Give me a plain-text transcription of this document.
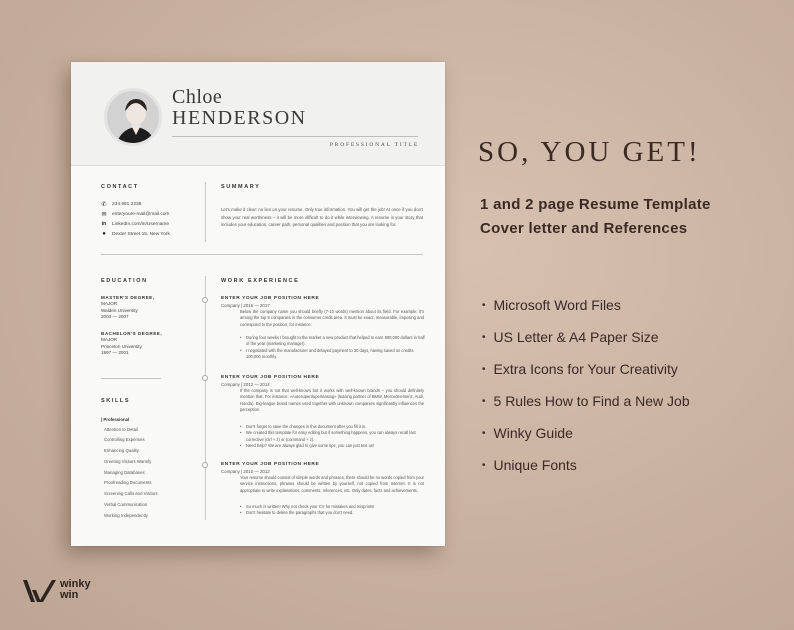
Chloe
HENDERSON
PROFESSIONAL TITLE
CONTACT
✆ 234.981.2238
✉ enteryoure-mail@mail.com
in LinkedIn.com/in/Username
● Dexter Street 15, New York
SUMMARY
Let's make it clear: no lies on your resume. Only true information. You will get the job! At once if you don't show your real worthiness – it will be more difficult to do it while interviewing. A resume is your story that includes your education, career path, personal qualities and position that you are looking for.
EDUCATION
MASTER'S DEGREE,
MAJOR
Walden University
2003 — 2007
BACHELOR'S DEGREE,
MAJOR
Princeton University
1997 — 2001
SKILLS
| Professional
Attention to Detail
Controlling Expenses
Enhancing Quality
Greeting Visitors Warmly
Managing Databases
Proofreading Documents
Screening Calls and Visitors
Verbal Communication
Working Independently
WORK EXPERIENCE
ENTER YOUR JOB POSITION HERE
Company | 2016 — 2017
Below the company name you should briefly (7-10 words) mention about its field. For example: it's among the top 5 companies in the consumer credit area. It must be exact, measurable, imposing and correspond to the position, for instance:
• During four weeks I brought to the market a new product that helped to earn 800,000 dollars in half of the year (marketing manager).
• I negotiated with the manufacturer and delayed payment to 30 days, having saved on credits 100,000 monthly.
ENTER YOUR JOB POSITION HERE
Company | 2012 — 2014
If the company is not that well-known but it works with well-known brands – you should definitely mention that. For instance: «Autosuperduperleasing» (leasing partner of BMW, Mercedes-Benz, Audi, Honda). Big-league brand names used together with unknown companies significantly influences the perception.
• Don't forget to save the changes in this document after you fill it in.
• We created this template for easy editing but if something happens, you can always recall last corrective (ctrl + z) or (command + z).
• Need help? We are always glad to give some tips, you can just text us!
ENTER YOUR JOB POSITION HERE
Company | 2010 — 2012
Your resume should consist of simple words and phrases, there should be no words copied from your service instructions, phrases should be written by yourself, not copied from Internet. It is not appropriate to write explanations, comments, references, etc. Only dates, facts and achievements.
• So much is written! Why not check your CV for mistakes and misprints!
• Don't hesitate to delete the paragraphs that you don't need.
SO, YOU GET!
1 and 2 page Resume Template
Cover letter and References
• Microsoft Word Files
• US Letter & A4 Paper Size
• Extra Icons for Your Creativity
• 5 Rules How to Find a New Job
• Winky Guide
• Unique Fonts
winky
win
